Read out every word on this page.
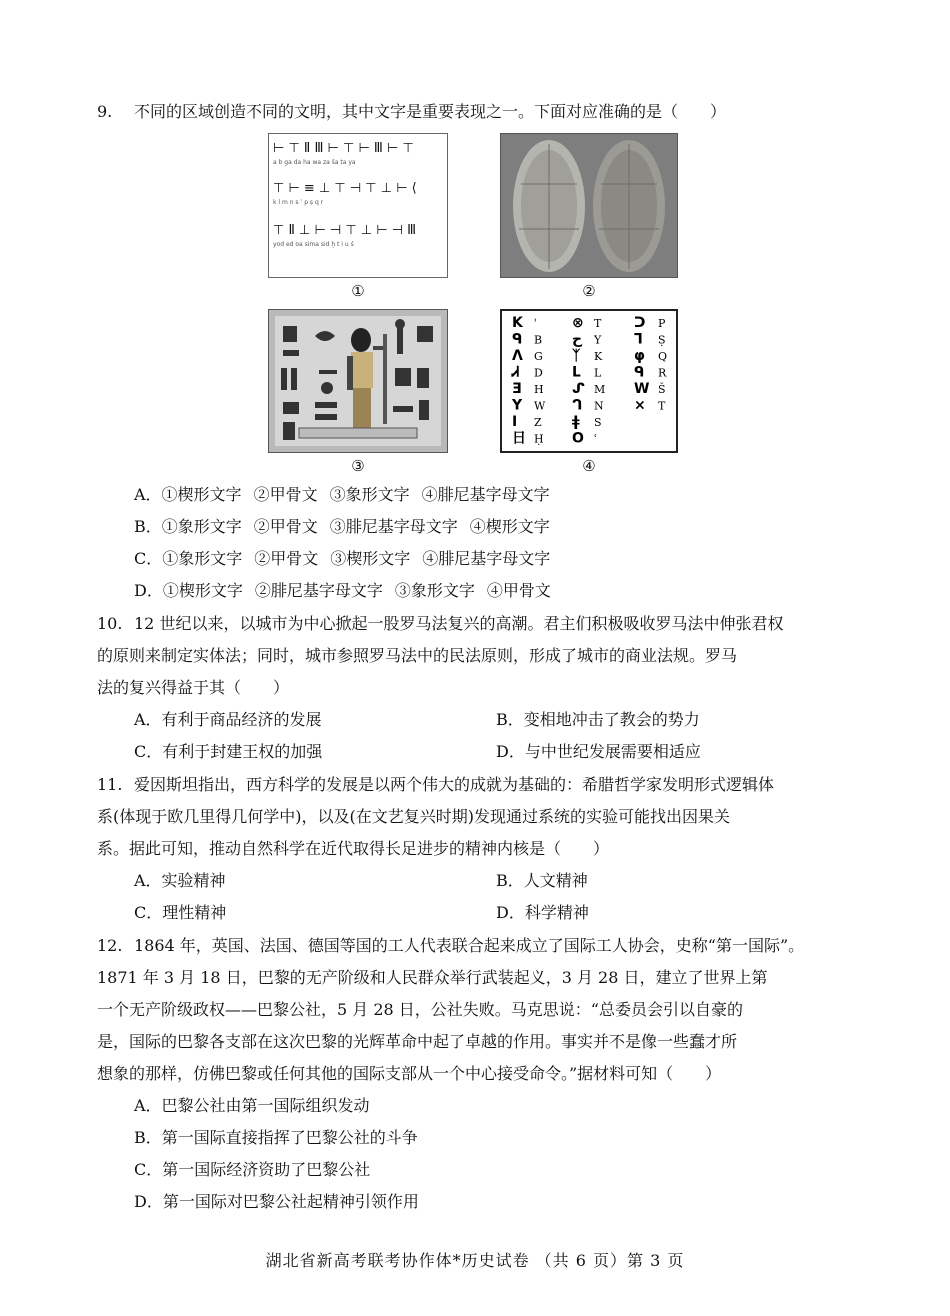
9. 不同的区域创造不同的文明，其中文字是重要表现之一。下面对应准确的是（　　）
⊢ ⊤ Ⅱ Ⅲ ⊢ ⊤ ⊢ Ⅲ ⊢ ⊤
a b ga da ha wa za ša ta ya
⊤ ⊢ ≡ ⊥ ⊤ ⊣ ⊤ ⊥ ⊢ ⟨
k l m n s ʿ p ṣ q r
⊤ Ⅱ ⊥ ⊢ ⊣ ⊤ ⊥ ⊢ ⊣ Ⅲ
yod ed oa sima sid ḫ t i u ś
①	②
③
K ʾ
ᑫ B
ᐱ G
Ꮧ D
Ǝ H
Y W
I Z
日 Ḥ
⊗ T
ح Y
ᛉ K
ᒪ L
ᔑ M
ᒉ N
ǂ S
O ʿ
ᑐ P
ᒣ Ṣ
φ Q
ᑫ R
W Š
× T
④
A．①楔形文字 ②甲骨文 ③象形文字 ④腓尼基字母文字
B．①象形文字 ②甲骨文 ③腓尼基字母文字 ④楔形文字
C．①象形文字 ②甲骨文 ③楔形文字 ④腓尼基字母文字
D．①楔形文字 ②腓尼基字母文字 ③象形文字 ④甲骨文
10. 12 世纪以来，以城市为中心掀起一股罗马法复兴的高潮。君主们积极吸收罗马法中伸张君权
的原则来制定实体法；同时，城市参照罗马法中的民法原则，形成了城市的商业法规。罗马
法的复兴得益于其（　　）
A．有利于商品经济的发展	B．变相地冲击了教会的势力
C．有利于封建王权的加强	D．与中世纪发展需要相适应
11. 爱因斯坦指出，西方科学的发展是以两个伟大的成就为基础的：希腊哲学家发明形式逻辑体
系(体现于欧几里得几何学中)，以及(在文艺复兴时期)发现通过系统的实验可能找出因果关
系。据此可知，推动自然科学在近代取得长足进步的精神内核是（　　）
A．实验精神	B．人文精神
C．理性精神	D．科学精神
12. 1864 年，英国、法国、德国等国的工人代表联合起来成立了国际工人协会，史称“第一国际”。
1871 年 3 月 18 日，巴黎的无产阶级和人民群众举行武装起义，3 月 28 日，建立了世界上第
一个无产阶级政权——巴黎公社，5 月 28 日，公社失败。马克思说：“总委员会引以自豪的
是，国际的巴黎各支部在这次巴黎的光辉革命中起了卓越的作用。事实并不是像一些蠢才所
想象的那样，仿佛巴黎或任何其他的国际支部从一个中心接受命令。”据材料可知（　　）
A．巴黎公社由第一国际组织发动
B．第一国际直接指挥了巴黎公社的斗争
C．第一国际经济资助了巴黎公社
D．第一国际对巴黎公社起精神引领作用
湖北省新高考联考协作体*历史试卷 （共 6 页）第 3 页
